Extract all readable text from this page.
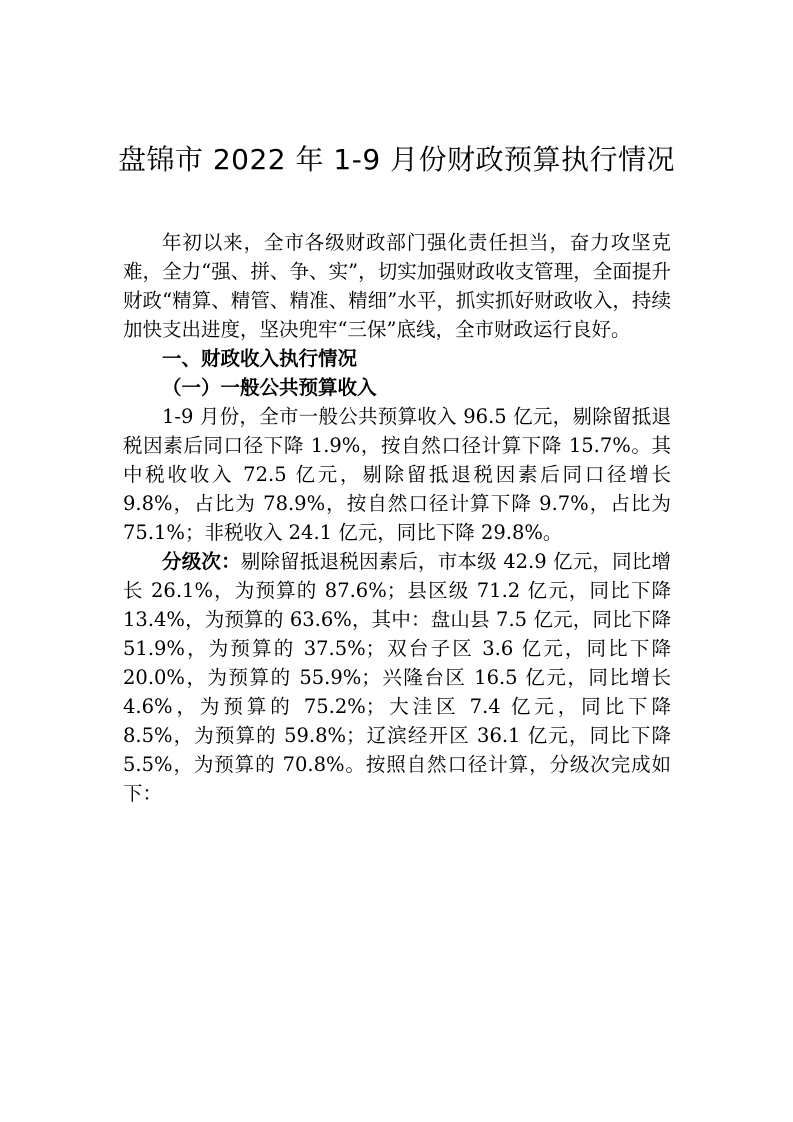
盘锦市 2022 年 1-9 月份财政预算执行情况

年初以来，全市各级财政部门强化责任担当，奋力攻坚克难，全力“强、拼、争、实”，切实加强财政收支管理，全面提升财政“精算、精管、精准、精细”水平，抓实抓好财政收入，持续加快支出进度，坚决兜牢“三保”底线，全市财政运行良好。

一、财政收入执行情况

（一）一般公共预算收入

1-9 月份，全市一般公共预算收入 96.5 亿元，剔除留抵退税因素后同口径下降 1.9%，按自然口径计算下降 15.7%。其中税收收入 72.5 亿元，剔除留抵退税因素后同口径增长 9.8%，占比为 78.9%，按自然口径计算下降 9.7%，占比为 75.1%；非税收入 24.1 亿元，同比下降 29.8%。

分级次：剔除留抵退税因素后，市本级 42.9 亿元，同比增长 26.1%，为预算的 87.6%；县区级 71.2 亿元，同比下降 13.4%，为预算的 63.6%，其中：盘山县 7.5 亿元，同比下降 51.9%，为预算的 37.5%；双台子区 3.6 亿元，同比下降 20.0%，为预算的 55.9%；兴隆台区 16.5 亿元，同比增长 4.6%，为预算的 75.2%；大洼区 7.4 亿元，同比下降 8.5%，为预算的 59.8%；辽滨经开区 36.1 亿元，同比下降 5.5%，为预算的 70.8%。按照自然口径计算，分级次完成如下：
